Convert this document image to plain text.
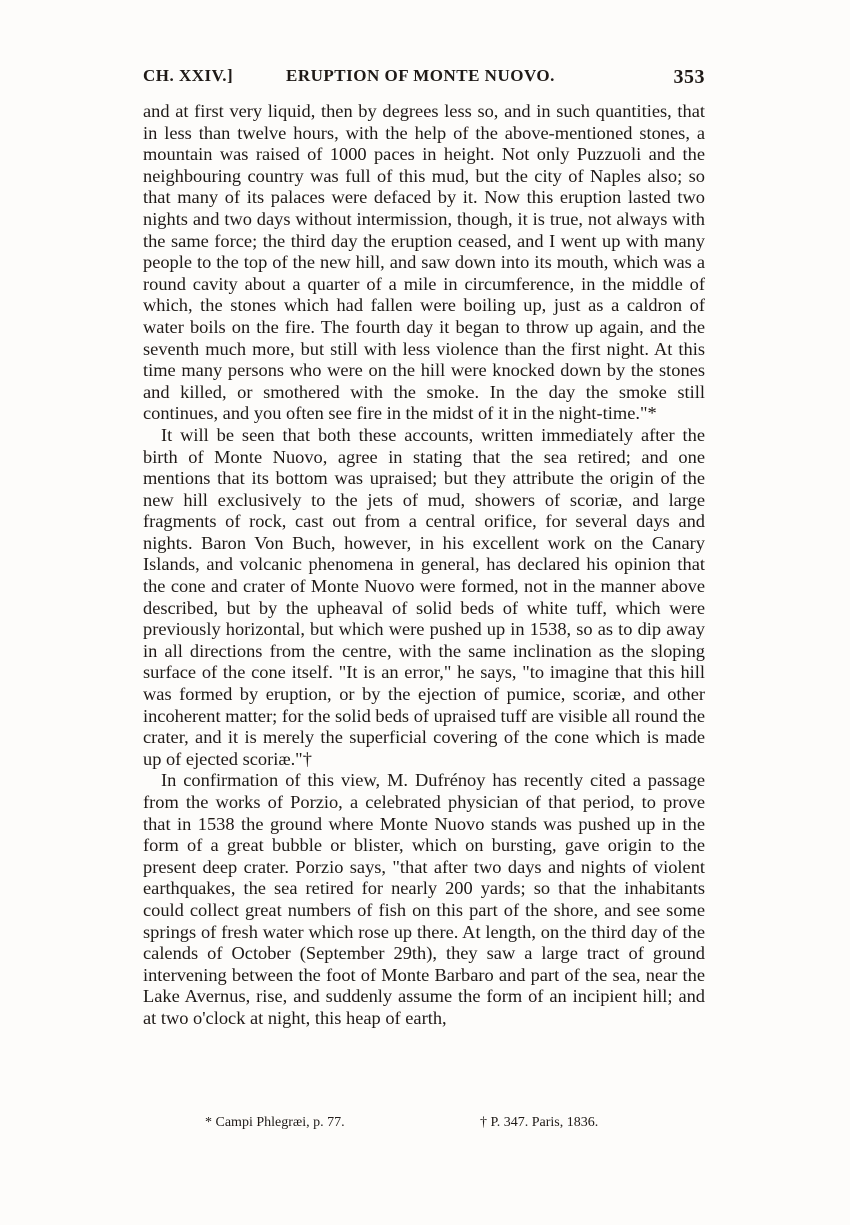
CH. XXIV.]	ERUPTION OF MONTE NUOVO.	353

and at first very liquid, then by degrees less so, and in such quantities, that in less than twelve hours, with the help of the above-mentioned stones, a mountain was raised of 1000 paces in height. Not only Puzzuoli and the neighbouring country was full of this mud, but the city of Naples also; so that many of its palaces were defaced by it. Now this eruption lasted two nights and two days without intermission, though, it is true, not always with the same force; the third day the eruption ceased, and I went up with many people to the top of the new hill, and saw down into its mouth, which was a round cavity about a quarter of a mile in circumference, in the middle of which, the stones which had fallen were boiling up, just as a caldron of water boils on the fire. The fourth day it began to throw up again, and the seventh much more, but still with less violence than the first night. At this time many persons who were on the hill were knocked down by the stones and killed, or smothered with the smoke. In the day the smoke still continues, and you often see fire in the midst of it in the night-time."*

It will be seen that both these accounts, written immediately after the birth of Monte Nuovo, agree in stating that the sea retired; and one mentions that its bottom was upraised; but they attribute the origin of the new hill exclusively to the jets of mud, showers of scoriæ, and large fragments of rock, cast out from a central orifice, for several days and nights. Baron Von Buch, however, in his excellent work on the Canary Islands, and volcanic phenomena in general, has declared his opinion that the cone and crater of Monte Nuovo were formed, not in the manner above described, but by the upheaval of solid beds of white tuff, which were previously horizontal, but which were pushed up in 1538, so as to dip away in all directions from the centre, with the same inclination as the sloping surface of the cone itself. "It is an error," he says, "to imagine that this hill was formed by eruption, or by the ejection of pumice, scoriæ, and other incoherent matter; for the solid beds of upraised tuff are visible all round the crater, and it is merely the superficial covering of the cone which is made up of ejected scoriæ."†

In confirmation of this view, M. Dufrénoy has recently cited a passage from the works of Porzio, a celebrated physician of that period, to prove that in 1538 the ground where Monte Nuovo stands was pushed up in the form of a great bubble or blister, which on bursting, gave origin to the present deep crater. Porzio says, "that after two days and nights of violent earthquakes, the sea retired for nearly 200 yards; so that the inhabitants could collect great numbers of fish on this part of the shore, and see some springs of fresh water which rose up there. At length, on the third day of the calends of October (September 29th), they saw a large tract of ground intervening between the foot of Monte Barbaro and part of the sea, near the Lake Avernus, rise, and suddenly assume the form of an incipient hill; and at two o'clock at night, this heap of earth,

* Campi Phlegræi, p. 77.	† P. 347. Paris, 1836.
